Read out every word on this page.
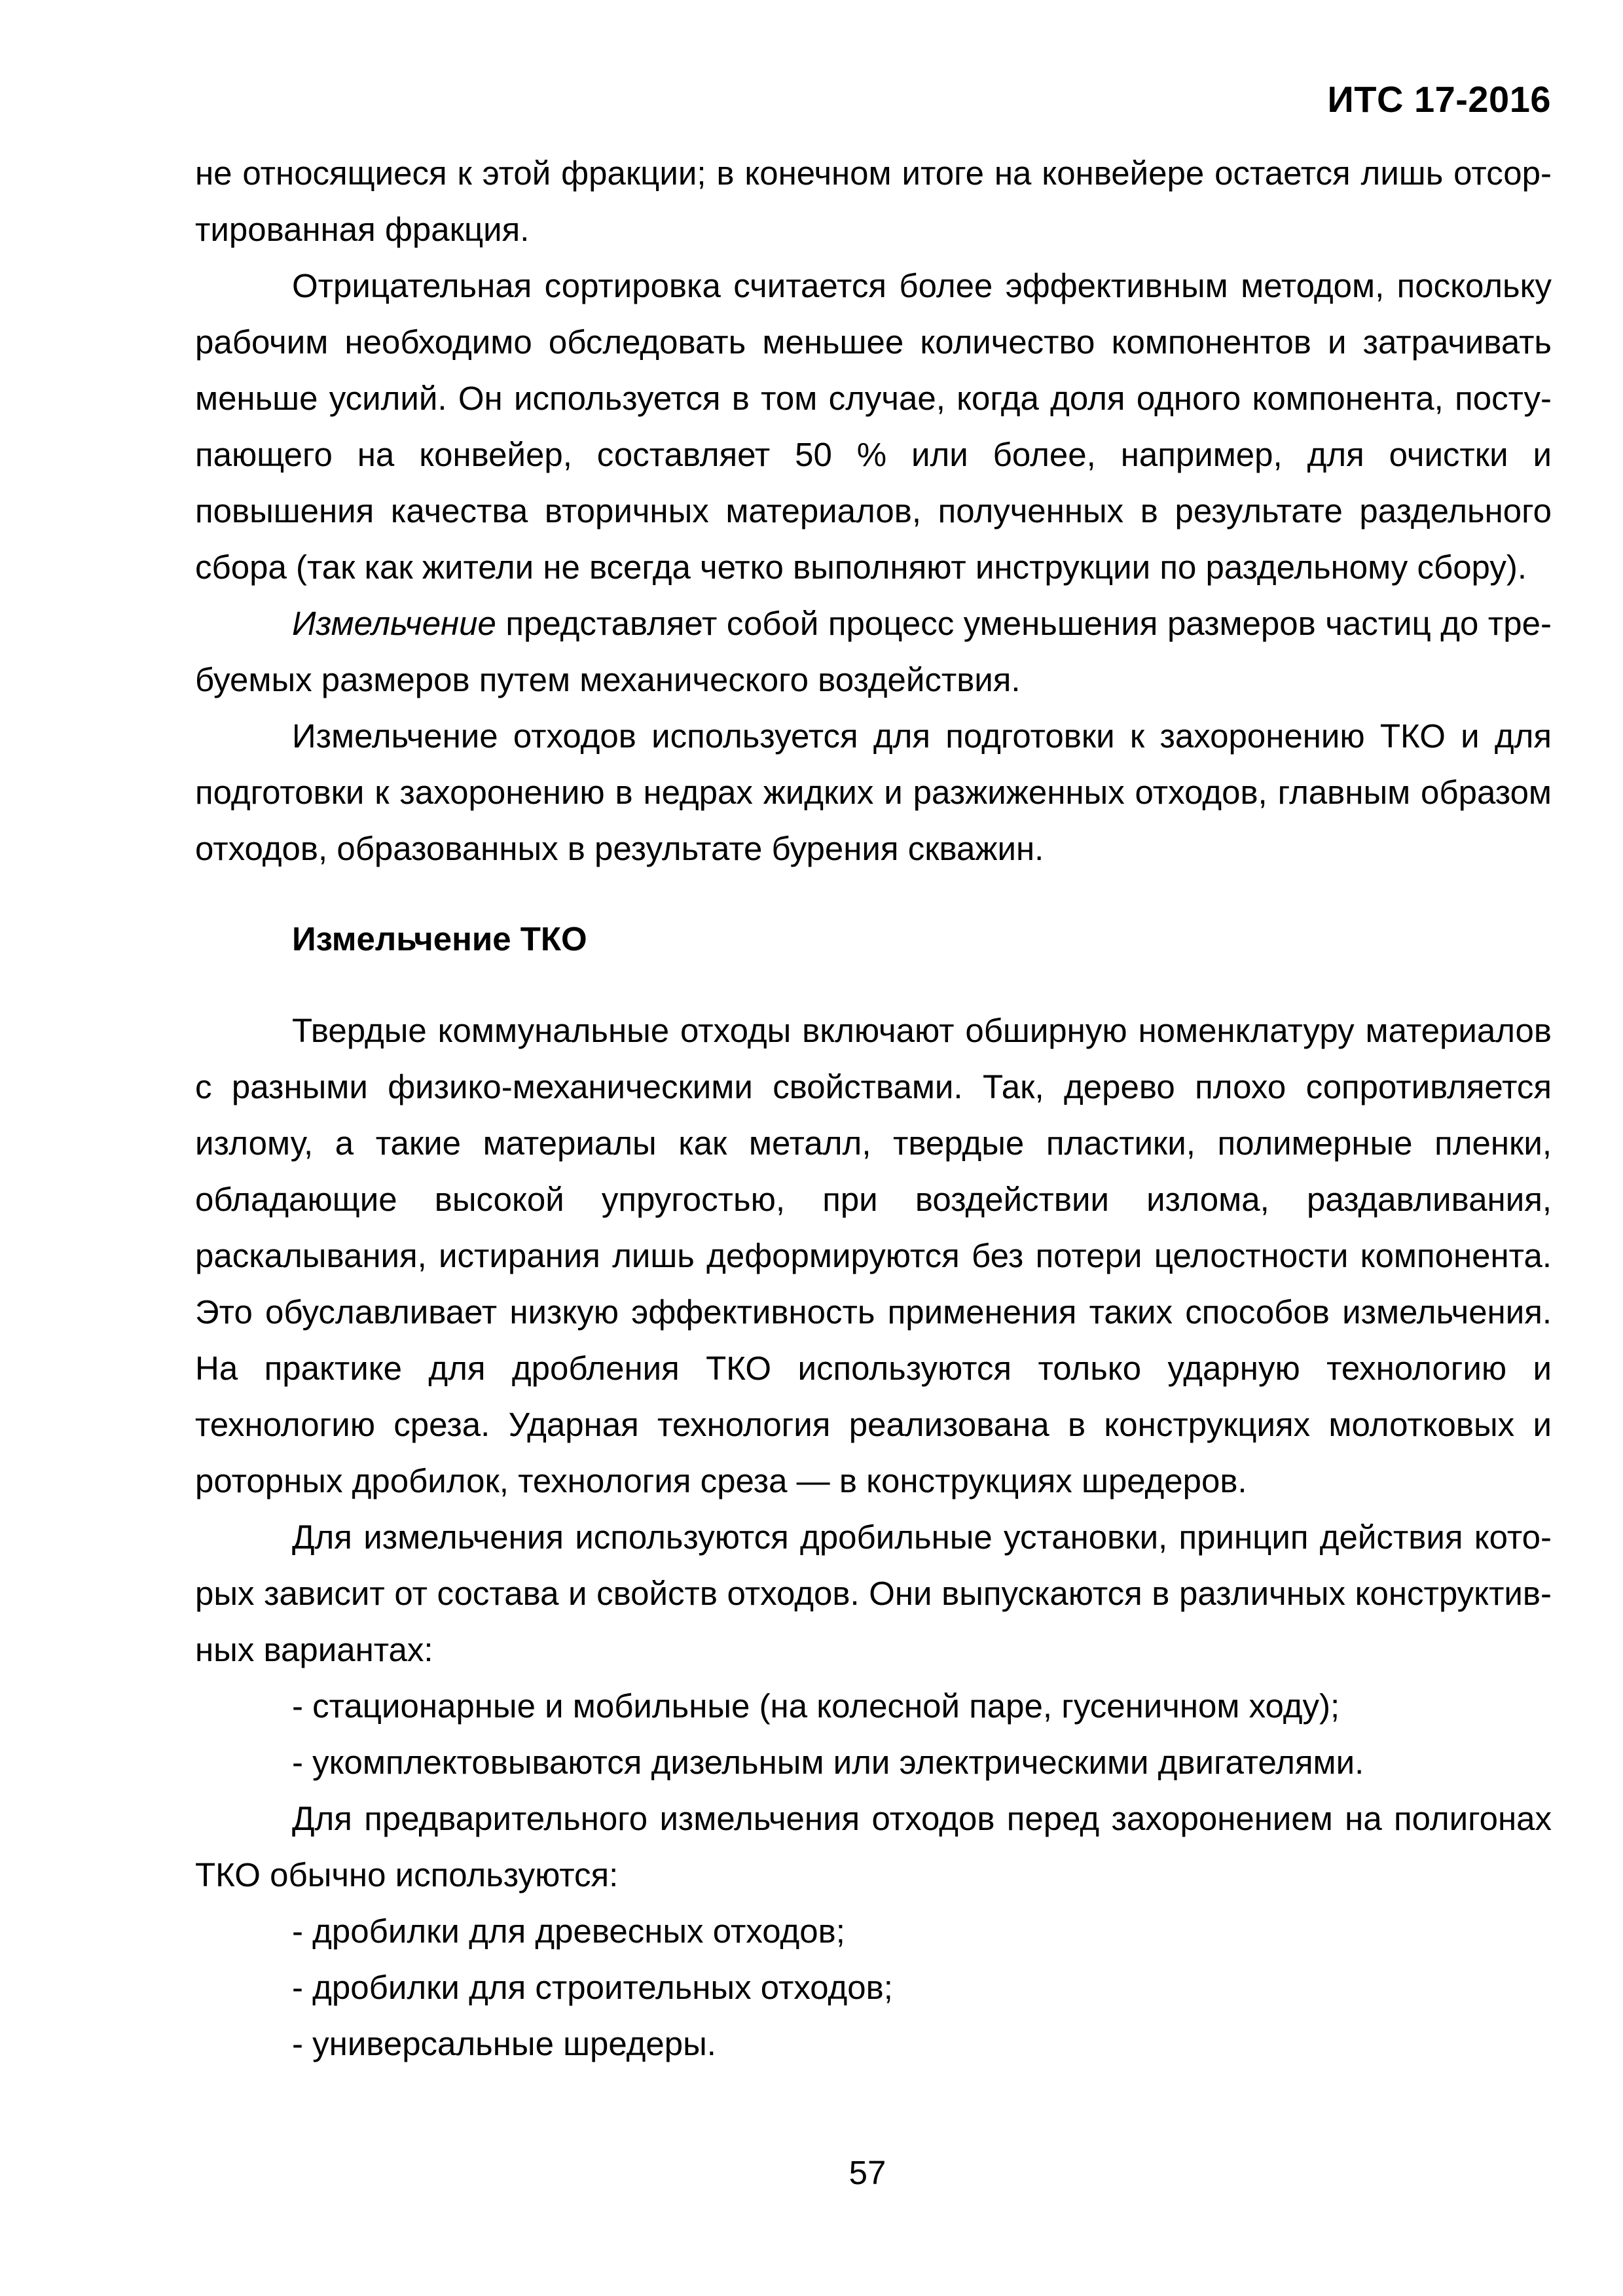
ИТС 17-2016

не относящиеся к этой фракции; в конечном итоге на конвейере остается лишь отсортированная фракция.

Отрицательная сортировка считается более эффективным методом, поскольку рабочим необходимо обследовать меньшее количество компонентов и затрачивать меньше усилий. Он используется в том случае, когда доля одного компонента, поступающего на конвейер, составляет 50 % или более, например, для очистки и повышения качества вторичных материалов, полученных в результате раздельного сбора (так как жители не всегда четко выполняют инструкции по раздельному сбору).

Измельчение представляет собой процесс уменьшения размеров частиц до требуемых размеров путем механического воздействия.

Измельчение отходов используется для подготовки к захоронению ТКО и для подготовки к захоронению в недрах жидких и разжиженных отходов, главным образом отходов, образованных в результате бурения скважин.

Измельчение ТКО

Твердые коммунальные отходы включают обширную номенклатуру материалов с разными физико-механическими свойствами. Так, дерево плохо сопротивляется излому, а такие материалы как металл, твердые пластики, полимерные пленки, обладающие высокой упругостью, при воздействии излома, раздавливания, раскалывания, истирания лишь деформируются без потери целостности компонента. Это обуславливает низкую эффективность применения таких способов измельчения. На практике для дробления ТКО используются только ударную технологию и технологию среза. Ударная технология реализована в конструкциях молотковых и роторных дробилок, технология среза — в конструкциях шредеров.

Для измельчения используются дробильные установки, принцип действия которых зависит от состава и свойств отходов. Они выпускаются в различных конструктивных вариантах:

- стационарные и мобильные (на колесной паре, гусеничном ходу);

- укомплектовываются дизельным или электрическими двигателями.

Для предварительного измельчения отходов перед захоронением на полигонах ТКО обычно используются:

- дробилки для древесных отходов;

- дробилки для строительных отходов;

- универсальные шредеры.

57
